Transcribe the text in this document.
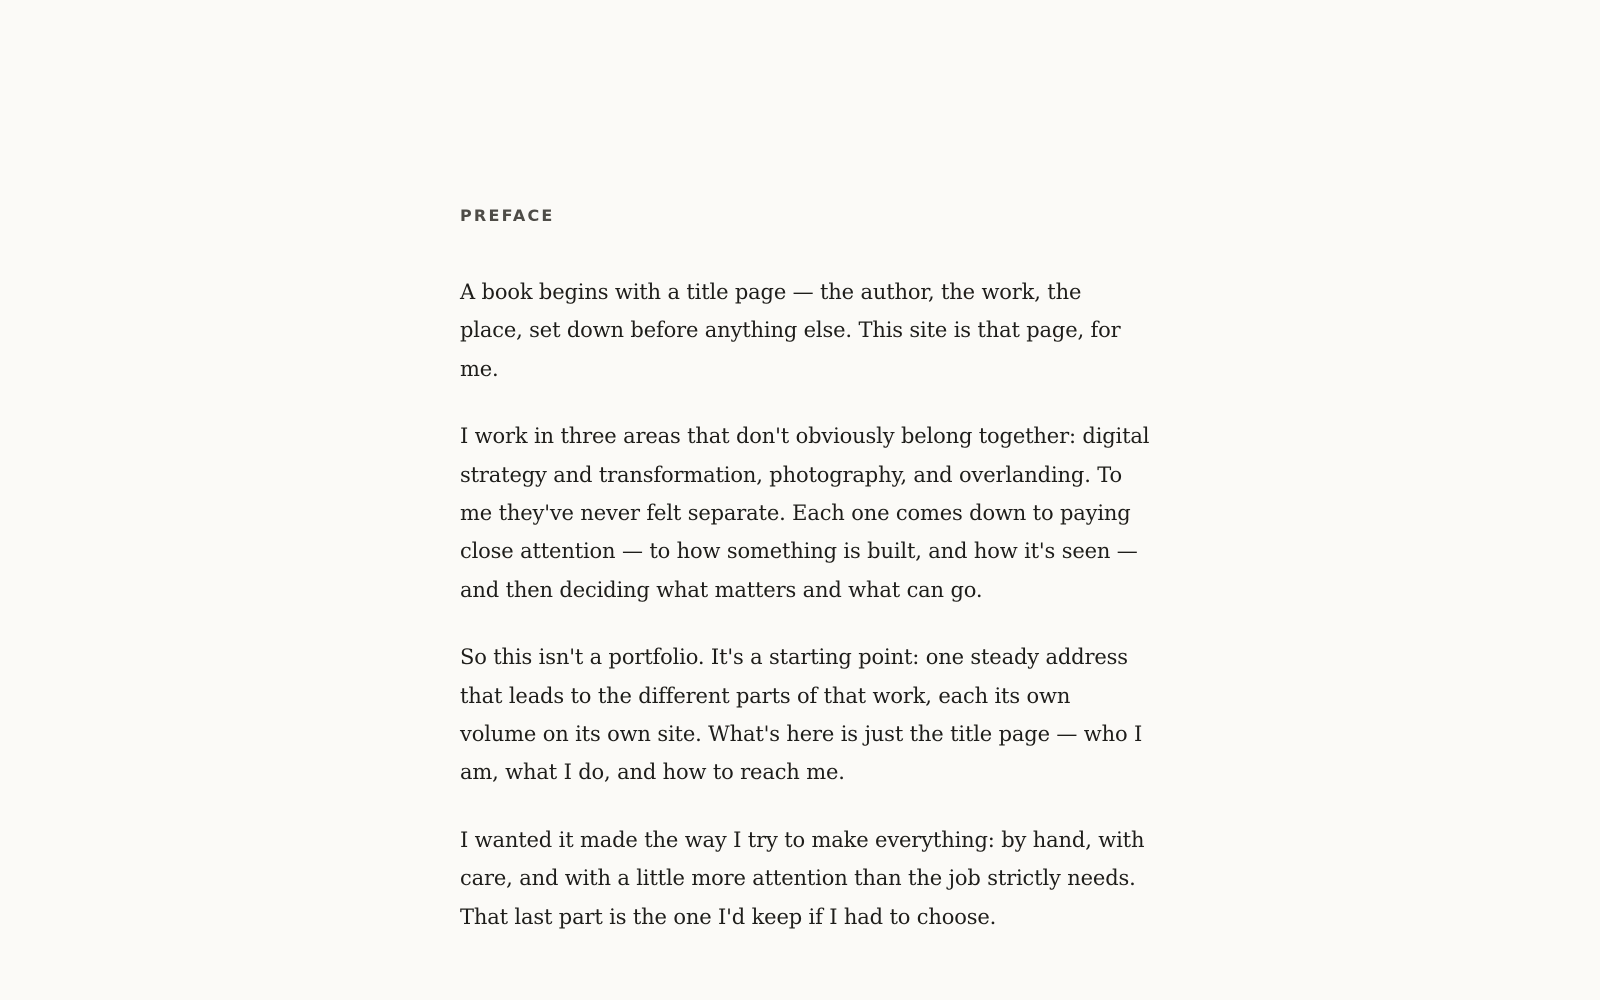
PREFACE

A book begins with a title page — the author, the work, the place, set down before anything else. This site is that page, for me.

I work in three areas that don't obviously belong together: digital strategy and transformation, photography, and overlanding. To me they've never felt separate. Each one comes down to paying close attention — to how something is built, and how it's seen — and then deciding what matters and what can go.

So this isn't a portfolio. It's a starting point: one steady address that leads to the different parts of that work, each its own volume on its own site. What's here is just the title page — who I am, what I do, and how to reach me.

I wanted it made the way I try to make everything: by hand, with care, and with a little more attention than the job strictly needs. That last part is the one I'd keep if I had to choose.
